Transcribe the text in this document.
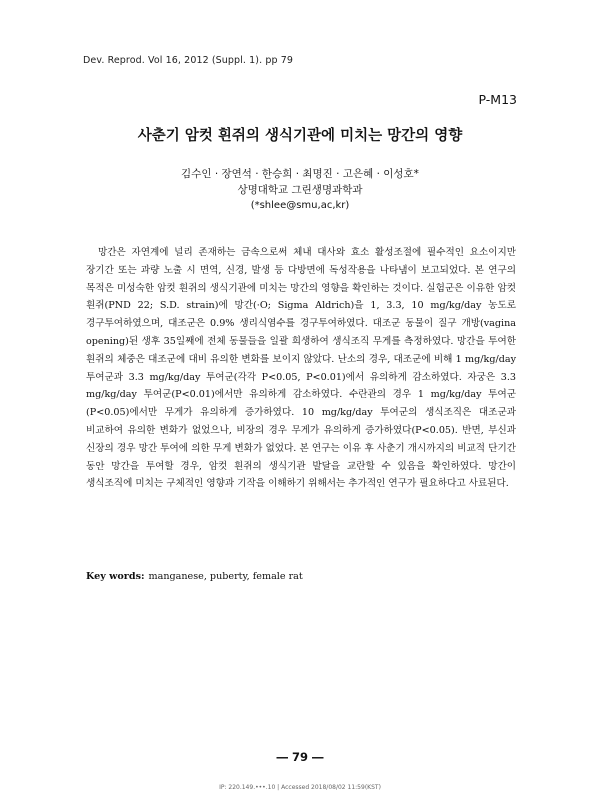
Dev. Reprod. Vol 16, 2012 (Suppl. 1). pp 79
P-M13
사춘기 암컷 흰쥐의 생식기관에 미치는 망간의 영향
김수인 · 장연석 · 한승희 · 최명진 · 고은혜 · 이성호*
상명대학교 그린생명과학과
(*shlee@smu,ac,kr)
망간은 자연계에 널리 존재하는 금속으로써 체내 대사와 효소 활성조절에 필수적인 요소이지만 장기간 또는 과량 노출 시 면역, 신경, 발생 등 다방면에 독성작용을 나타냄이 보고되었다. 본 연구의 목적은 미성숙한 암컷 흰쥐의 생식기관에 미치는 망간의 영향을 확인하는 것이다. 실험군은 이유한 암컷 흰쥐(PND 22; S.D. strain)에 망간(·O; Sigma Aldrich)을 1, 3.3, 10 mg/kg/day 농도로 경구투여하였으며, 대조군은 0.9% 생리식염수를 경구투여하였다. 대조군 동물이 질구 개방(vagina opening)된 생후 35일째에 전체 동물들을 일괄 희생하여 생식조직 무게를 측정하였다. 망간을 투여한 흰쥐의 체중은 대조군에 대비 유의한 변화를 보이지 않았다. 난소의 경우, 대조군에 비해 1 mg/kg/day 투여군과 3.3 mg/kg/day 투여군(각각 P<0.05, P<0.01)에서 유의하게 감소하였다. 자궁은 3.3 mg/kg/day 투여군(P<0.01)에서만 유의하게 감소하였다. 수란관의 경우 1 mg/kg/day 투여군(P<0.05)에서만 무게가 유의하게 증가하였다. 10 mg/kg/day 투여군의 생식조직은 대조군과 비교하여 유의한 변화가 없었으나, 비장의 경우 무게가 유의하게 증가하였다(P<0.05). 반면, 부신과 신장의 경우 망간 투여에 의한 무게 변화가 없었다. 본 연구는 이유 후 사춘기 개시까지의 비교적 단기간 동안 망간을 투여할 경우, 암컷 흰쥐의 생식기관 발달을 교란할 수 있음을 확인하였다. 망간이 생식조직에 미치는 구체적인 영향과 기작을 이해하기 위해서는 추가적인 연구가 필요하다고 사료된다.
Key words: manganese, puberty, female rat
― 79 ―
IP: 220.149.•••.10 | Accessed 2018/08/02 11:59(KST)
